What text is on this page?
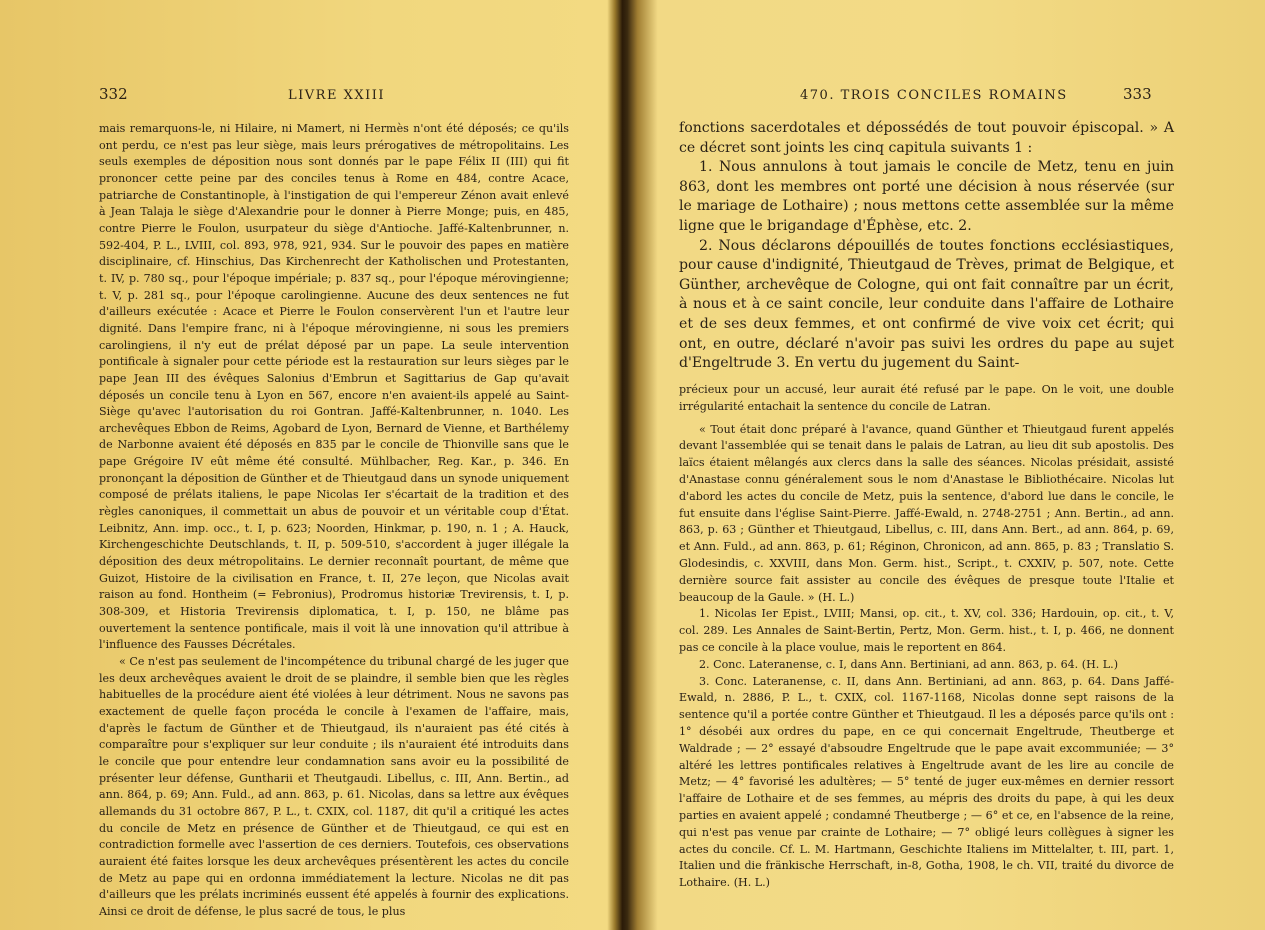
332	LIVRE XXIII

mais remarquons-le, ni Hilaire, ni Mamert, ni Hermès n'ont été déposés; ce qu'ils ont perdu, ce n'est pas leur siège, mais leurs prérogatives de métropolitains. Les seuls exemples de déposition nous sont donnés par le pape Félix II (III) qui fit prononcer cette peine par des conciles tenus à Rome en 484, contre Acace, patriarche de Constantinople, à l'instigation de qui l'empereur Zénon avait enlevé à Jean Talaja le siège d'Alexandrie pour le donner à Pierre Monge; puis, en 485, contre Pierre le Foulon, usurpateur du siège d'Antioche. Jaffé-Kaltenbrunner, n. 592-404, P. L., LVIII, col. 893, 978, 921, 934. Sur le pouvoir des papes en matière disciplinaire, cf. Hinschius, Das Kirchenrecht der Katholischen und Protestanten, t. IV, p. 780 sq., pour l'époque impériale; p. 837 sq., pour l'époque mérovingienne; t. V, p. 281 sq., pour l'époque carolingienne. Aucune des deux sentences ne fut d'ailleurs exécutée : Acace et Pierre le Foulon conservèrent l'un et l'autre leur dignité. Dans l'empire franc, ni à l'époque mérovingienne, ni sous les premiers carolingiens, il n'y eut de prélat déposé par un pape. La seule intervention pontificale à signaler pour cette période est la restauration sur leurs sièges par le pape Jean III des évêques Salonius d'Embrun et Sagittarius de Gap qu'avait déposés un concile tenu à Lyon en 567, encore n'en avaient-ils appelé au Saint-Siège qu'avec l'autorisation du roi Gontran. Jaffé-Kaltenbrunner, n. 1040. Les archevêques Ebbon de Reims, Agobard de Lyon, Bernard de Vienne, et Barthélemy de Narbonne avaient été déposés en 835 par le concile de Thionville sans que le pape Grégoire IV eût même été consulté. Mühlbacher, Reg. Kar., p. 346. En prononçant la déposition de Günther et de Thieutgaud dans un synode uniquement composé de prélats italiens, le pape Nicolas Ier s'écartait de la tradition et des règles canoniques, il commettait un abus de pouvoir et un véritable coup d'État. Leibnitz, Ann. imp. occ., t. I, p. 623; Noorden, Hinkmar, p. 190, n. 1 ; A. Hauck, Kirchengeschichte Deutschlands, t. II, p. 509-510, s'accordent à juger illégale la déposition des deux métropolitains. Le dernier reconnaît pourtant, de même que Guizot, Histoire de la civilisation en France, t. II, 27e leçon, que Nicolas avait raison au fond. Hontheim (= Febronius), Prodromus historiæ Trevirensis, t. I, p. 308-309, et Historia Trevirensis diplomatica, t. I, p. 150, ne blâme pas ouvertement la sentence pontificale, mais il voit là une innovation qu'il attribue à l'influence des Fausses Décrétales.

« Ce n'est pas seulement de l'incompétence du tribunal chargé de les juger que les deux archevêques avaient le droit de se plaindre, il semble bien que les règles habituelles de la procédure aient été violées à leur détriment. Nous ne savons pas exactement de quelle façon procéda le concile à l'examen de l'affaire, mais, d'après le factum de Günther et de Thieutgaud, ils n'auraient pas été cités à comparaître pour s'expliquer sur leur conduite ; ils n'auraient été introduits dans le concile que pour entendre leur condamnation sans avoir eu la possibilité de présenter leur défense, Guntharii et Theutgaudi. Libellus, c. III, Ann. Bertin., ad ann. 864, p. 69; Ann. Fuld., ad ann. 863, p. 61. Nicolas, dans sa lettre aux évêques allemands du 31 octobre 867, P. L., t. CXIX, col. 1187, dit qu'il a critiqué les actes du concile de Metz en présence de Günther et de Thieutgaud, ce qui est en contradiction formelle avec l'assertion de ces derniers. Toutefois, ces observations auraient été faites lorsque les deux archevêques présentèrent les actes du concile de Metz au pape qui en ordonna immédiatement la lecture. Nicolas ne dit pas d'ailleurs que les prélats incriminés eussent été appelés à fournir des explications. Ainsi ce droit de défense, le plus sacré de tous, le plus

470. TROIS CONCILES ROMAINS	333

fonctions sacerdotales et dépossédés de tout pouvoir épiscopal. » A ce décret sont joints les cinq capitula suivants 1 :

1. Nous annulons à tout jamais le concile de Metz, tenu en juin 863, dont les membres ont porté une décision à nous réservée (sur le mariage de Lothaire) ; nous mettons cette assemblée sur la même ligne que le brigandage d'Éphèse, etc. 2.

2. Nous déclarons dépouillés de toutes fonctions ecclésiastiques, pour cause d'indignité, Thieutgaud de Trèves, primat de Belgique, et Günther, archevêque de Cologne, qui ont fait connaître par un écrit, à nous et à ce saint concile, leur conduite dans l'affaire de Lothaire et de ses deux femmes, et ont confirmé de vive voix cet écrit; qui ont, en outre, déclaré n'avoir pas suivi les ordres du pape au sujet d'Engeltrude 3. En vertu du jugement du Saint-

précieux pour un accusé, leur aurait été refusé par le pape. On le voit, une double irrégularité entachait la sentence du concile de Latran.

« Tout était donc préparé à l'avance, quand Günther et Thieutgaud furent appelés devant l'assemblée qui se tenait dans le palais de Latran, au lieu dit sub apostolis. Des laïcs étaient mêlangés aux clercs dans la salle des séances. Nicolas présidait, assisté d'Anastase connu généralement sous le nom d'Anastase le Bibliothécaire. Nicolas lut d'abord les actes du concile de Metz, puis la sentence, d'abord lue dans le concile, le fut ensuite dans l'église Saint-Pierre. Jaffé-Ewald, n. 2748-2751 ; Ann. Bertin., ad ann. 863, p. 63 ; Günther et Thieutgaud, Libellus, c. III, dans Ann. Bert., ad ann. 864, p. 69, et Ann. Fuld., ad ann. 863, p. 61; Réginon, Chronicon, ad ann. 865, p. 83 ; Translatio S. Glodesindis, c. XXVIII, dans Mon. Germ. hist., Script., t. CXXIV, p. 507, note. Cette dernière source fait assister au concile des évêques de presque toute l'Italie et beaucoup de la Gaule. » (H. L.)

1. Nicolas Ier Epist., LVIII; Mansi, op. cit., t. XV, col. 336; Hardouin, op. cit., t. V, col. 289. Les Annales de Saint-Bertin, Pertz, Mon. Germ. hist., t. I, p. 466, ne donnent pas ce concile à la place voulue, mais le reportent en 864.

2. Conc. Lateranense, c. I, dans Ann. Bertiniani, ad ann. 863, p. 64. (H. L.)

3. Conc. Lateranense, c. II, dans Ann. Bertiniani, ad ann. 863, p. 64. Dans Jaffé-Ewald, n. 2886, P. L., t. CXIX, col. 1167-1168, Nicolas donne sept raisons de la sentence qu'il a portée contre Günther et Thieutgaud. Il les a déposés parce qu'ils ont : 1° désobéi aux ordres du pape, en ce qui concernait Engeltrude, Theutberge et Waldrade ; — 2° essayé d'absoudre Engeltrude que le pape avait excommuniée; — 3° altéré les lettres pontificales relatives à Engeltrude avant de les lire au concile de Metz; — 4° favorisé les adultères; — 5° tenté de juger eux-mêmes en dernier ressort l'affaire de Lothaire et de ses femmes, au mépris des droits du pape, à qui les deux parties en avaient appelé ; condamné Theutberge ; — 6° et ce, en l'absence de la reine, qui n'est pas venue par crainte de Lothaire; — 7° obligé leurs collègues à signer les actes du concile. Cf. L. M. Hartmann, Geschichte Italiens im Mittelalter, t. III, part. 1, Italien und die fränkische Herrschaft, in-8, Gotha, 1908, le ch. VII, traité du divorce de Lothaire. (H. L.)
